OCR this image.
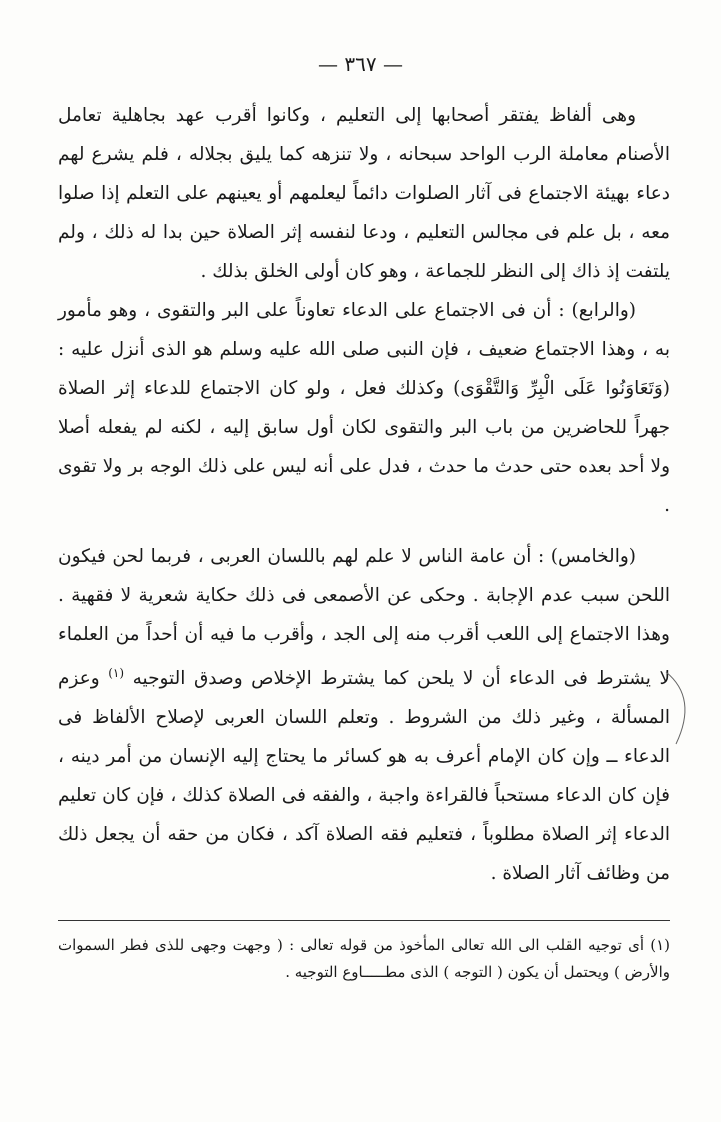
— ٣٦٧ —

وهى ألفاظ يفتقر أصحابها إلى التعليم ، وكانوا أقرب عهد بجاهلية تعامل الأصنام معاملة الرب الواحد سبحانه ، ولا تنزهه كما يليق بجلاله ، فلم يشرع لهم دعاء بهيئة الاجتماع فى آثار الصلوات دائماً ليعلمهم أو يعينهم على التعلم إذا صلوا معه ، بل علم فى مجالس التعليم ، ودعا لنفسه إثر الصلاة حين بدا له ذلك ، ولم يلتفت إذ ذاك إلى النظر للجماعة ، وهو كان أولى الخلق بذلك .

(والرابع) : أن فى الاجتماع على الدعاء تعاوناً على البر والتقوى ، وهو مأمور به ، وهذا الاجتماع ضعيف ، فإن النبى صلى الله عليه وسلم هو الذى أنزل عليه : (وَتَعَاوَنُوا عَلَى الْبِرِّ وَالتَّقْوَى) وكذلك فعل ، ولو كان الاجتماع للدعاء إثر الصلاة جهراً للحاضرين من باب البر والتقوى لكان أول سابق إليه ، لكنه لم يفعله أصلا ولا أحد بعده حتى حدث ما حدث ، فدل على أنه ليس على ذلك الوجه بر ولا تقوى .

(والخامس) : أن عامة الناس لا علم لهم باللسان العربى ، فربما لحن فيكون اللحن سبب عدم الإجابة . وحكى عن الأصمعى فى ذلك حكاية شعرية لا فقهية . وهذا الاجتماع إلى اللعب أقرب منه إلى الجد ، وأقرب ما فيه أن أحداً من العلماء لا يشترط فى الدعاء أن لا يلحن كما يشترط الإخلاص وصدق التوجيه $^{(١)}$ وعزم المسألة ، وغير ذلك من الشروط . وتعلم اللسان العربى لإصلاح الألفاظ فى الدعاء ــ وإن كان الإمام أعرف به هو كسائر ما يحتاج إليه الإنسان من أمر دينه ، فإن كان الدعاء مستحباً فالقراءة واجبة ، والفقه فى الصلاة كذلك ، فإن كان تعليم الدعاء إثر الصلاة مطلوباً ، فتعليم فقه الصلاة آكد ، فكان من حقه أن يجعل ذلك من وظائف آثار الصلاة .

(١) أى توجيه القلب الى الله تعالى المأخوذ من قوله تعالى : ( وجهت وجهى للذى فطر السموات والأرض ) ويحتمل أن يكون ( التوجه ) الذى مطـــــاوع التوجيه .
